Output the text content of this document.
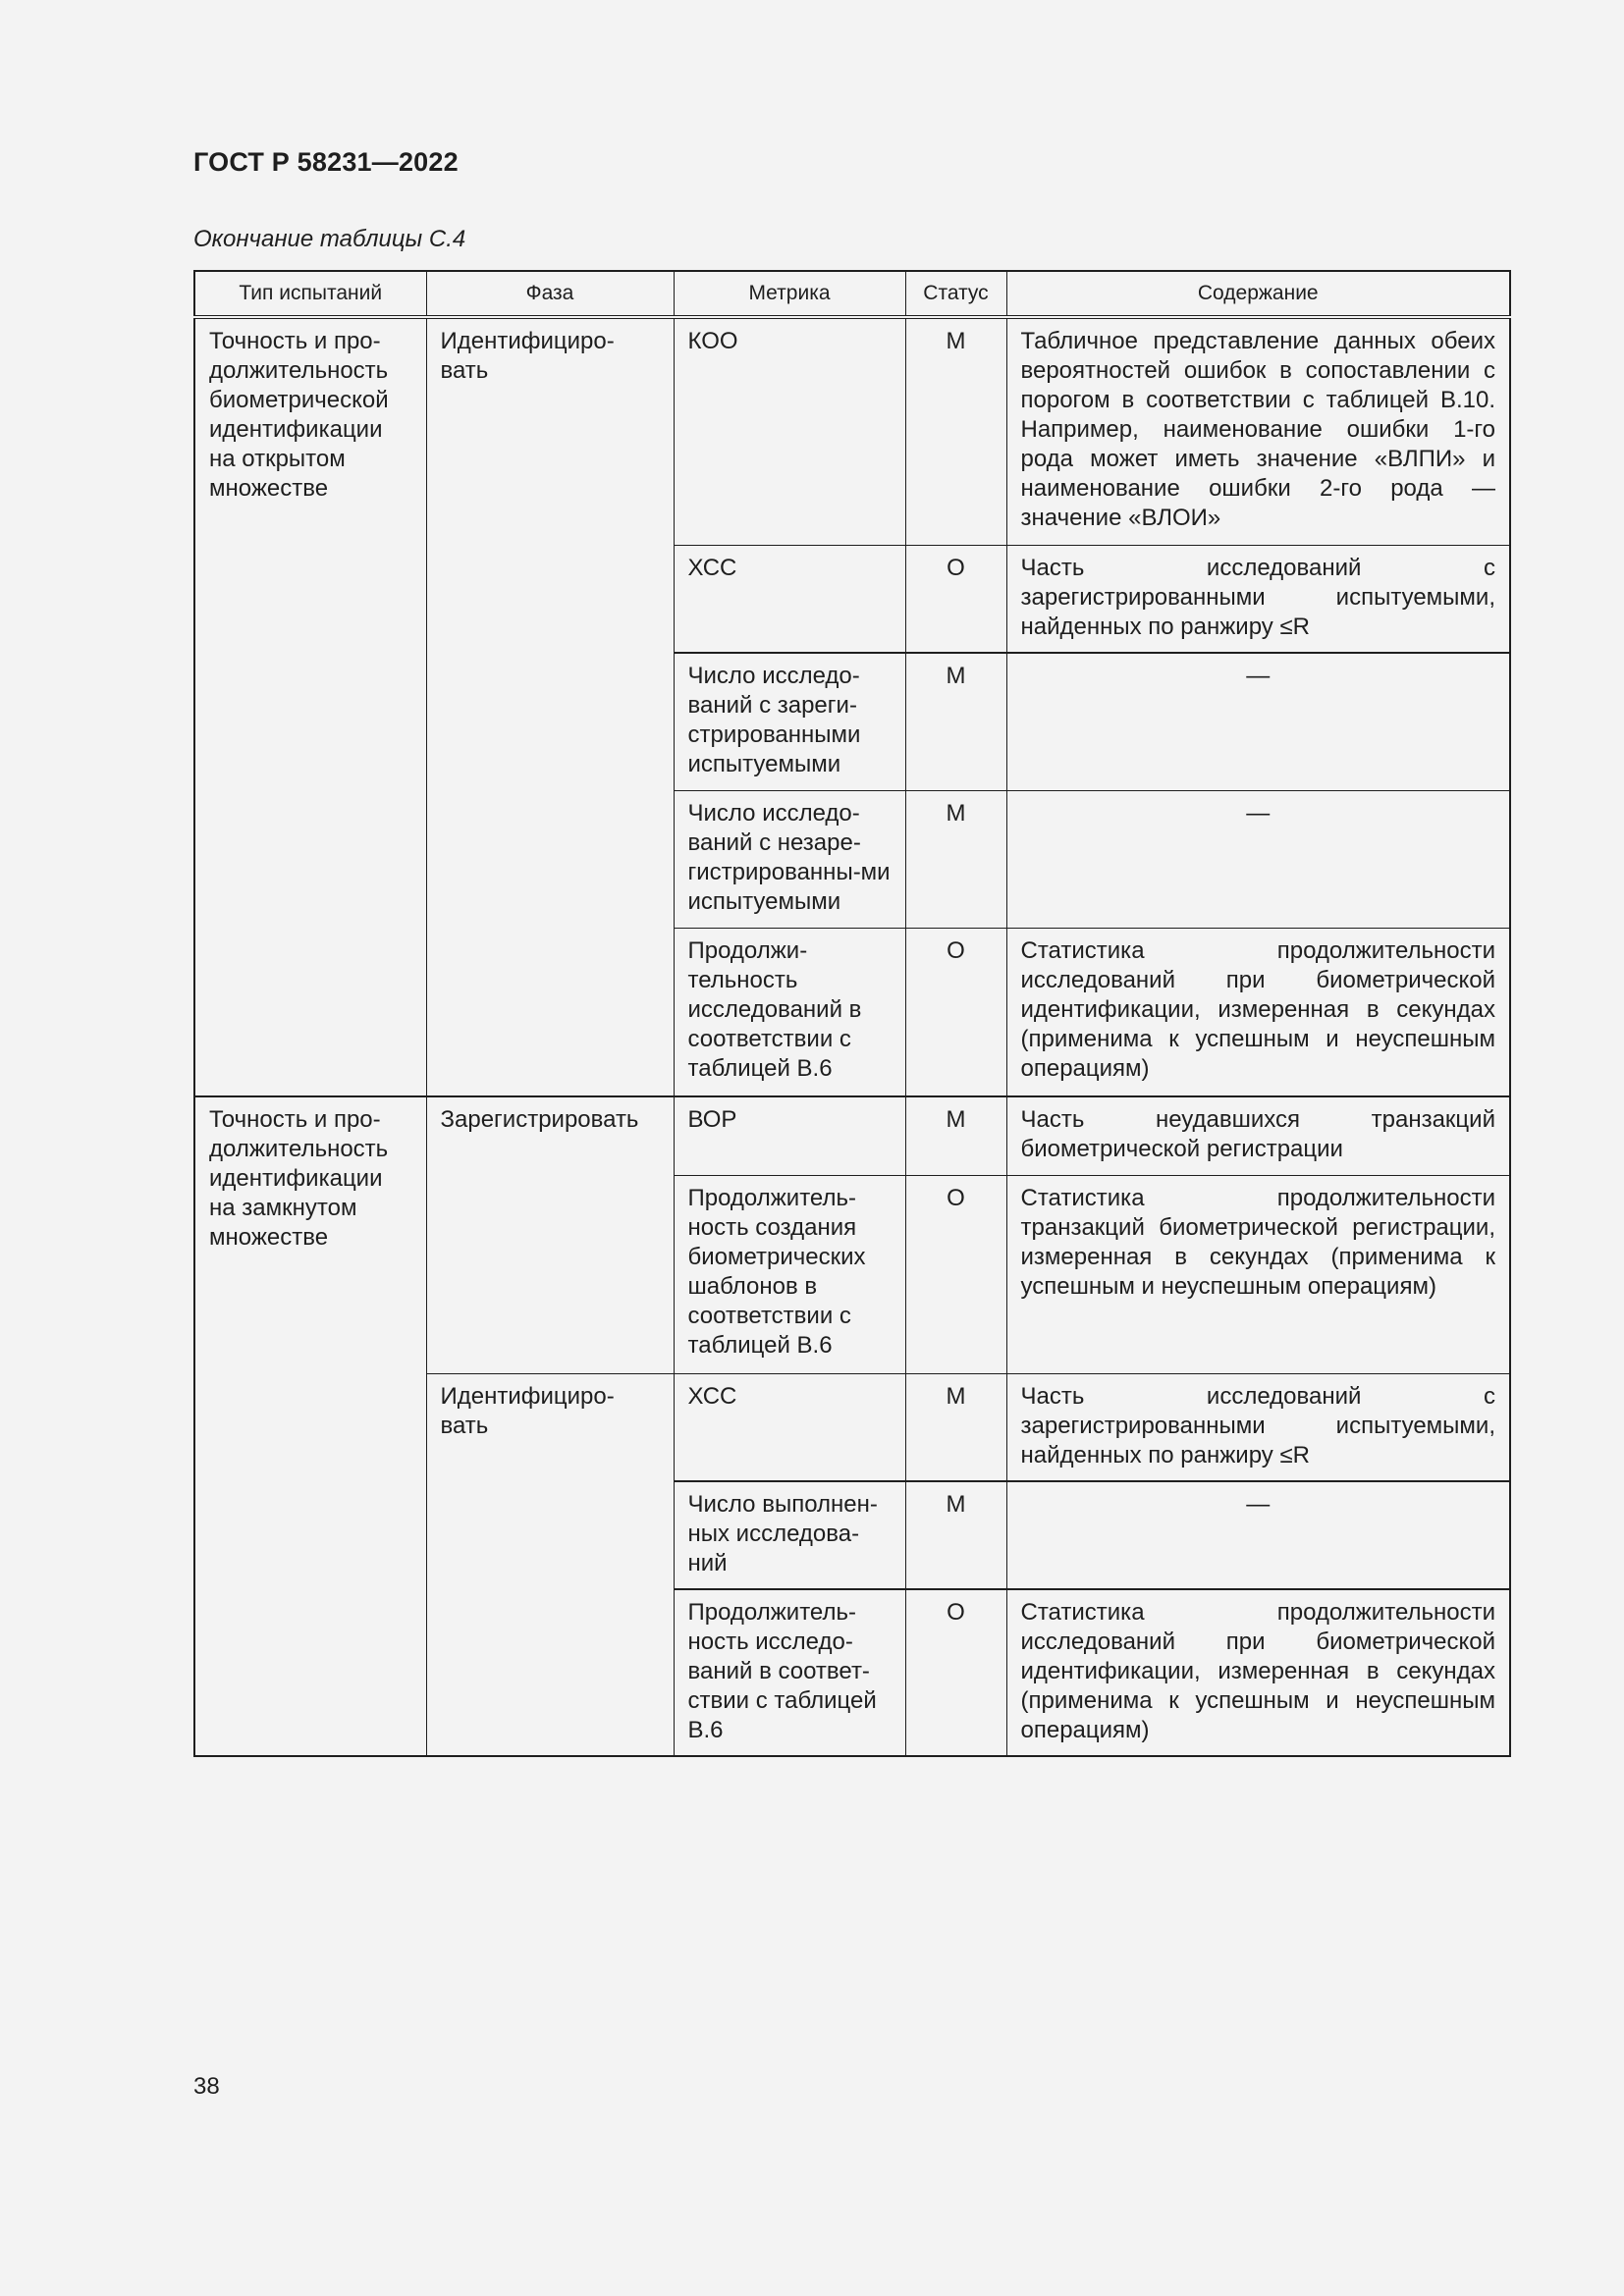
ГОСТ Р 58231—2022
Окончание таблицы С.4
Тип испытаний	Фаза	Метрика	Статус	Содержание
Точность и про-должительность биометрической идентификации на открытом множестве	Идентифициро-вать	КОО	М	Табличное представление данных обеих вероятностей ошибок в сопоставлении с порогом в соответствии с таблицей B.10. Например, наименование ошибки 1-го рода может иметь значение «ВЛПИ» и наименование ошибки 2-го рода — значение «ВЛОИ»
		ХСС	О	Часть исследований с зарегистрированными испытуемыми, найденных по ранжиру ≤R
		Число исследо-ваний с зареги-стрированными испытуемыми	М	—
		Число исследо-ваний с незаре-гистрированны-ми испытуемыми	М	—
		Продолжи-тельность исследований в соответствии с таблицей В.6	О	Статистика продолжительности исследований при биометрической идентификации, измеренная в секундах (применима к успешным и неуспешным операциям)
Точность и про-должительность идентификации на замкнутом множестве	Зарегистрировать	ВОР	М	Часть неудавшихся транзакций биометрической регистрации
		Продолжитель-ность создания биометрических шаблонов в соответствии с таблицей В.6	О	Статистика продолжительности транзакций биометрической регистрации, измеренная в секундах (применима к успешным и неуспешным операциям)
	Идентифициро-вать	ХСС	М	Часть исследований с зарегистрированными испытуемыми, найденных по ранжиру ≤R
		Число выполнен-ных исследова-ний	М	—
		Продолжитель-ность исследо-ваний в соответ-ствии с таблицей В.6	О	Статистика продолжительности исследований при биометрической идентификации, измеренная в секундах (применима к успешным и неуспешным операциям)
38
